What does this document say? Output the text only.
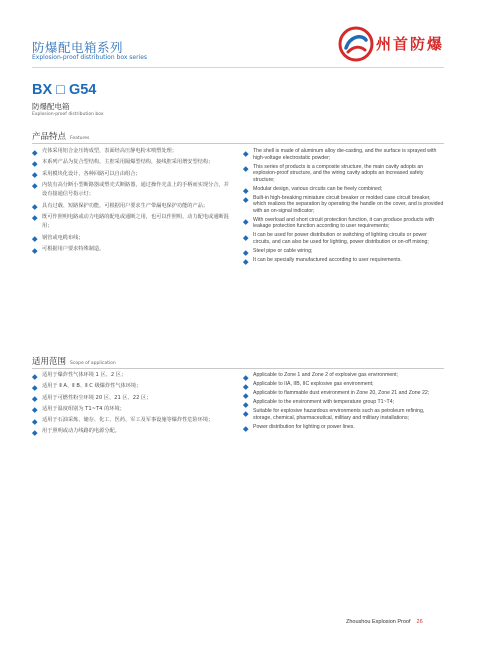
防爆配电箱系列
Explosion-proof distribution box series
州首防爆
BX □ G54
防爆配电箱
Explosion-proof distribution box
产品特点 Features
壳体采用铝合金压铸成型，表面经高压静电粉末喷塑处理；
本系列产品为复合型结构，主腔采用隔爆型结构，接线腔采用增安型结构；
采用模块化设计，各种回路可以自由组合；
内装有高分断小型断路器或塑壳式断路器，通过操作壳盖上的手柄而实现分合，并设有接通信号指示灯；
具有过载、短路保护功能，可根据用户要求生产带漏电保护功能的产品；
既可作照明电路或动力电路的配电或通断之用，也可以作照明、动力配电或通断混用；
钢管或电缆布线；
可根据用户要求特殊制造。
The shell is made of aluminum alloy die-casting, and the surface is sprayed with high-voltage electrostatic powder;
This series of products is a composite structure, the main cavity adopts an explosion-proof structure, and the wiring cavity adopts an increased safety structure;
Modular design, various circuits can be freely combined;
Built-in high-breaking miniature circuit breaker or molded case circuit breaker, which realizes the separation by operating the handle on the cover, and is provided with an on-signal indicator;
With overload and short circuit protection function, it can produce products with leakage protection function according to user requirements;
It can be used for power distribution or switching of lighting circuits or power circuits, and can also be used for lighting, power distribution or on-off mixing;
Steel pipe or cable wiring;
It can be specially manufactured according to user requirements.
适用范围 Scope of application
适用于爆炸性气体环境 1 区、2 区；
适用于 Ⅱ A、Ⅱ B、Ⅱ C 级爆炸性气体环境；
适用于可燃性粉尘环境 20 区、21 区、22 区；
适用于温度组别为 T1~T4 的环境；
适用于石油采炼、储存、化工、医药、军工及军事设施等爆炸性危险环境；
用于照明或动力线路的电源分配。
Applicable to Zone 1 and Zone 2 of explosive gas environment;
Applicable to IIA, IIB, IIC explosive gas environment;
Applicable to flammable dust environment in Zone 20, Zone 21 and Zone 22;
Applicable to the environment with temperature group T1~T4;
Suitable for explosive hazardous environments such as petroleum refining, storage, chemical, pharmaceutical, military and military installations;
Power distribution for lighting or power lines.
Zhoushou Explosion Proof 26
